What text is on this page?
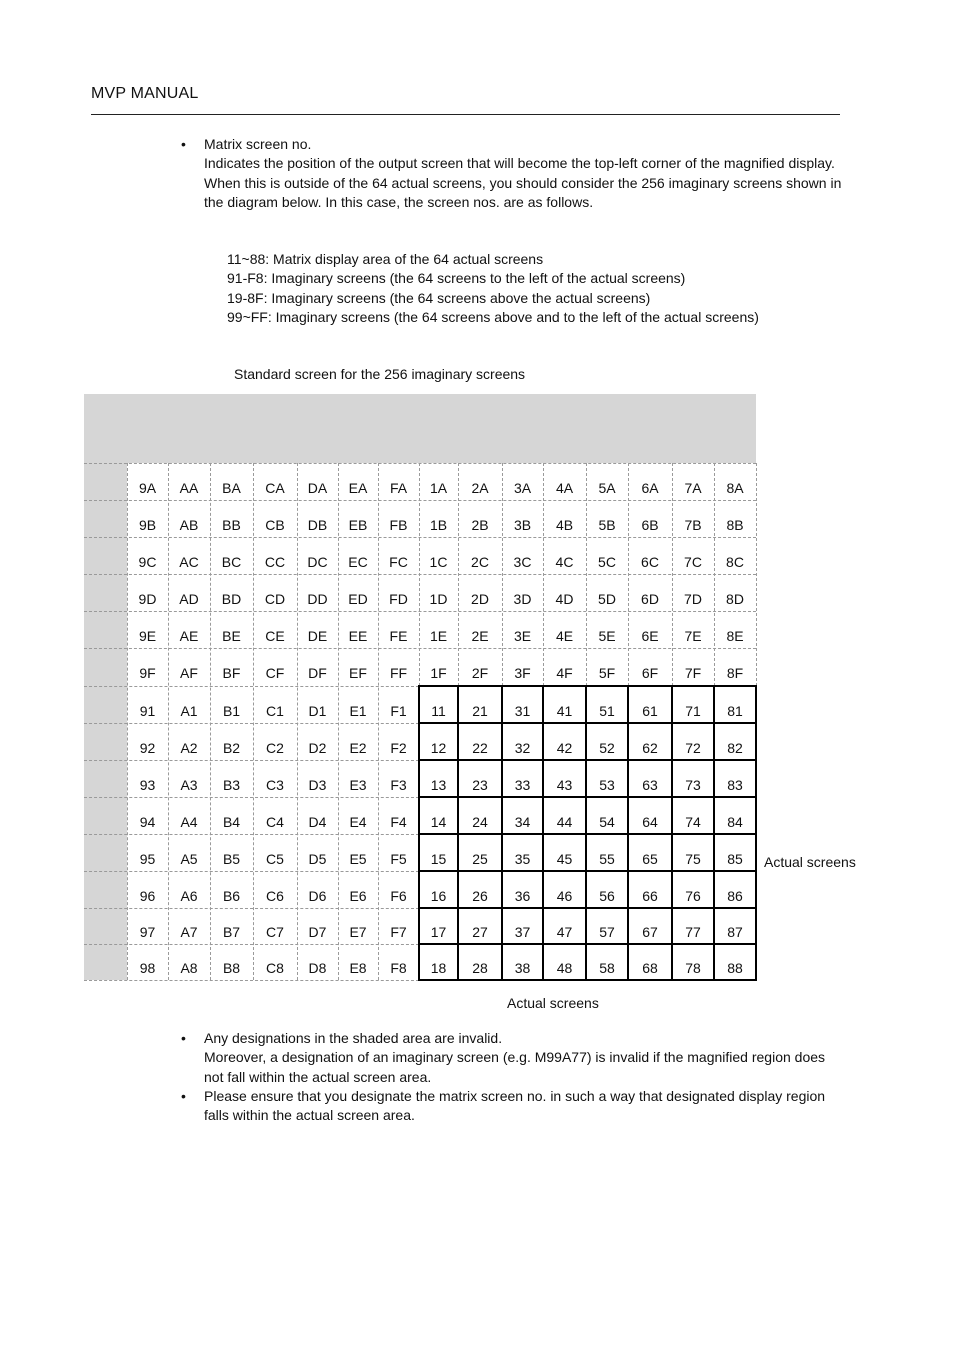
MVP MANUAL
• Matrix screen no.

Indicates the position of the output screen that will become the top-left corner of the magnified display.

When this is outside of the 64 actual screens, you should consider the 256 imaginary screens shown in the diagram below. In this case, the screen nos. are as follows.

11~88: Matrix display area of the 64 actual screens

91-F8: Imaginary screens (the 64 screens to the left of the actual screens)

19-8F: Imaginary screens (the 64 screens above the actual screens)

99~FF: Imaginary screens (the 64 screens above and to the left of the actual screens)

Standard screen for the 256 imaginary screens
9A	AA	BA	CA	DA	EA	FA	1A	2A	3A	4A	5A	6A	7A	8A
9B	AB	BB	CB	DB	EB	FB	1B	2B	3B	4B	5B	6B	7B	8B
9C	AC	BC	CC	DC	EC	FC	1C	2C	3C	4C	5C	6C	7C	8C
9D	AD	BD	CD	DD	ED	FD	1D	2D	3D	4D	5D	6D	7D	8D
9E	AE	BE	CE	DE	EE	FE	1E	2E	3E	4E	5E	6E	7E	8E
9F	AF	BF	CF	DF	EF	FF	1F	2F	3F	4F	5F	6F	7F	8F
91	A1	B1	C1	D1	E1	F1	11	21	31	41	51	61	71	81
92	A2	B2	C2	D2	E2	F2	12	22	32	42	52	62	72	82
93	A3	B3	C3	D3	E3	F3	13	23	33	43	53	63	73	83
94	A4	B4	C4	D4	E4	F4	14	24	34	44	54	64	74	84
95	A5	B5	C5	D5	E5	F5	15	25	35	45	55	65	75	85
96	A6	B6	C6	D6	E6	F6	16	26	36	46	56	66	76	86
97	A7	B7	C7	D7	E7	F7	17	27	37	47	57	67	77	87
98	A8	B8	C8	D8	E8	F8	18	28	38	48	58	68	78	88
Actual screens
Actual screens
• Any designations in the shaded area are invalid.

Moreover, a designation of an imaginary screen (e.g. M99A77) is invalid if the magnified region does not fall within the actual screen area.

• Please ensure that you designate the matrix screen no. in such a way that designated display region falls within the actual screen area.
